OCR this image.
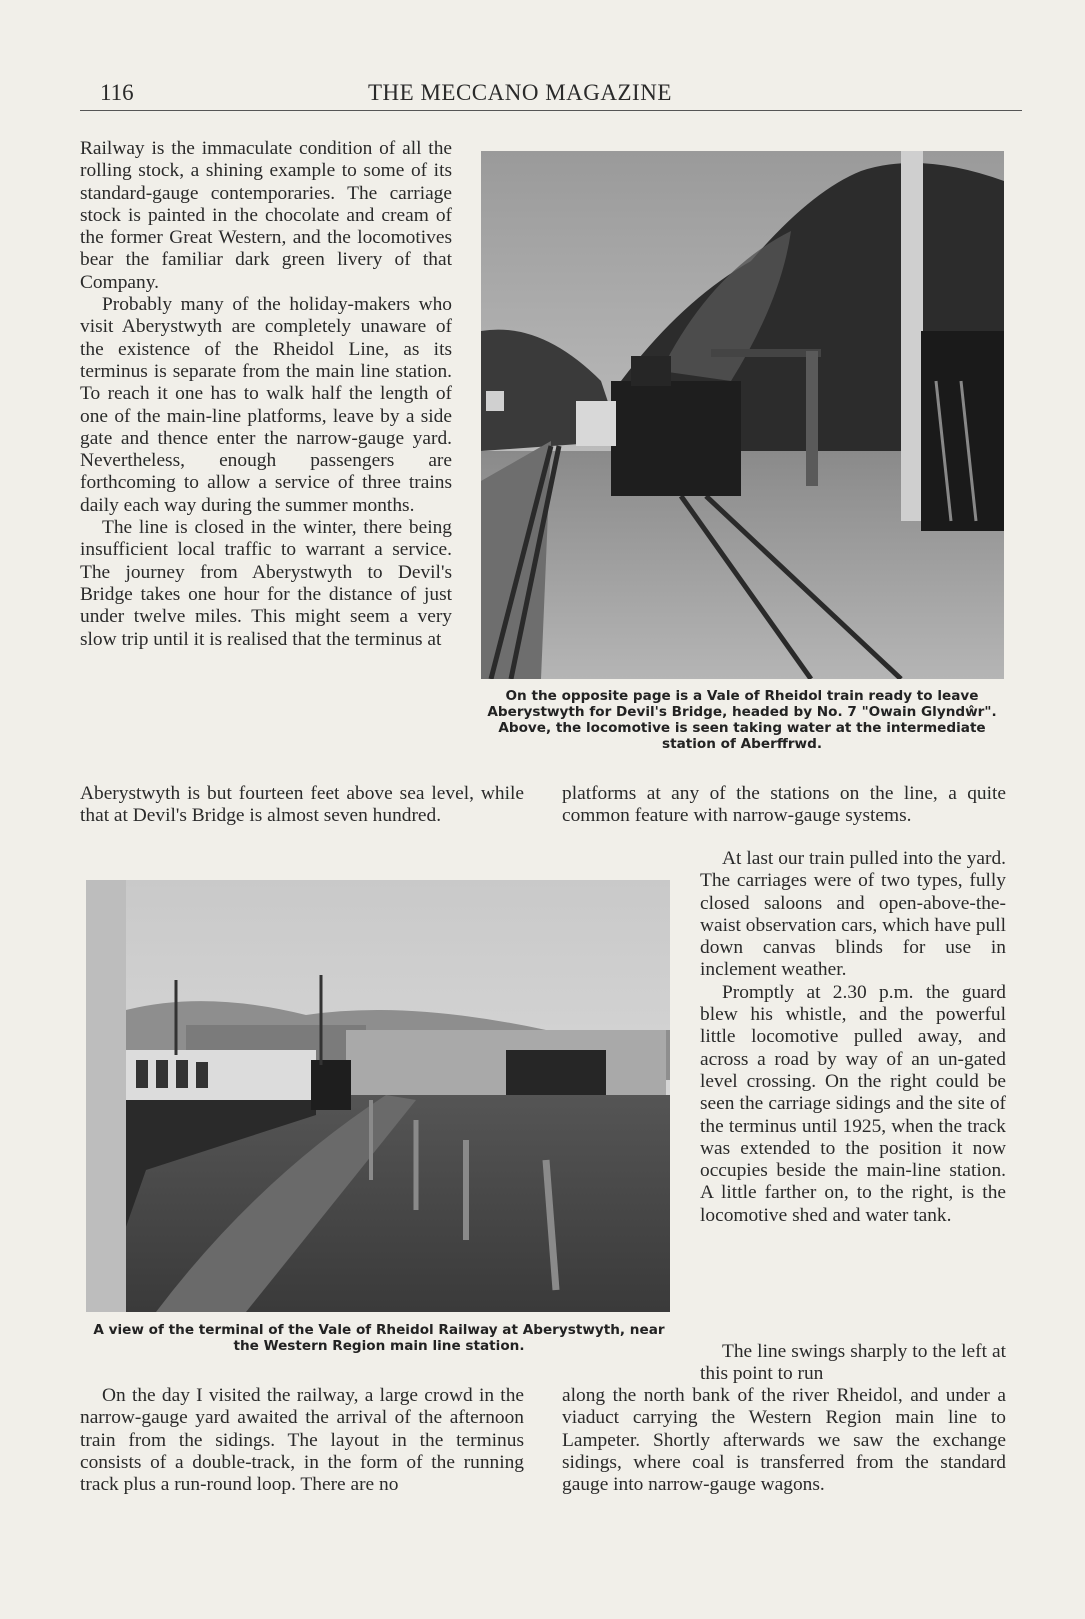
116	THE MECCANO MAGAZINE

Railway is the immaculate condition of all the rolling stock, a shining example to some of its standard-gauge contemporaries. The carriage stock is painted in the chocolate and cream of the former Great Western, and the locomotives bear the familiar dark green livery of that Company.

Probably many of the holiday-makers who visit Aberystwyth are completely unaware of the existence of the Rheidol Line, as its terminus is separate from the main line station. To reach it one has to walk half the length of one of the main-line platforms, leave by a side gate and thence enter the narrow-gauge yard. Nevertheless, enough passengers are forthcoming to allow a service of three trains daily each way during the summer months.

The line is closed in the winter, there being insufficient local traffic to warrant a service. The journey from Aberystwyth to Devil's Bridge takes one hour for the distance of just under twelve miles. This might seem a very slow trip until it is realised that the terminus at

On the opposite page is a Vale of Rheidol train ready to leave Aberystwyth for Devil's Bridge, headed by No. 7 "Owain Glyndŵr". Above, the locomotive is seen taking water at the intermediate station of Aberffrwd.

Aberystwyth is but fourteen feet above sea level, while that at Devil's Bridge is almost seven hundred.

platforms at any of the stations on the line, a quite common feature with narrow-gauge systems.

At last our train pulled into the yard. The carriages were of two types, fully closed saloons and open-above-the-waist observation cars, which have pull down canvas blinds for use in inclement weather.

Promptly at 2.30 p.m. the guard blew his whistle, and the powerful little locomotive pulled away, and across a road by way of an un-gated level crossing. On the right could be seen the carriage sidings and the site of the terminus until 1925, when the track was extended to the position it now occupies beside the main-line station. A little farther on, to the right, is the locomotive shed and water tank.

A view of the terminal of the Vale of Rheidol Railway at Aberystwyth, near the Western Region main line station.	The line swings sharply to the left at this point to run

On the day I visited the railway, a large crowd in the narrow-gauge yard awaited the arrival of the afternoon train from the sidings. The layout in the terminus consists of a double-track, in the form of the running track plus a run-round loop. There are no

along the north bank of the river Rheidol, and under a viaduct carrying the Western Region main line to Lampeter. Shortly afterwards we saw the exchange sidings, where coal is transferred from the standard gauge into narrow-gauge wagons.
